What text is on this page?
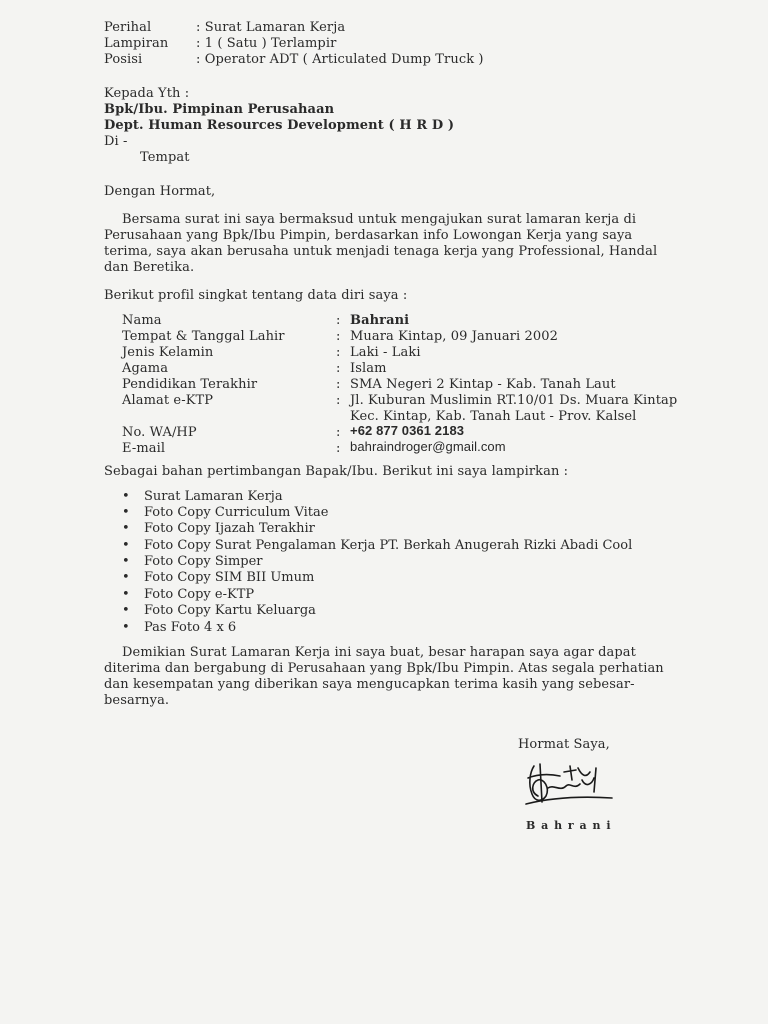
Perihal	: Surat Lamaran Kerja
Lampiran : 1 ( Satu ) Terlampir
Posisi	: Operator ADT ( Articulated Dump Truck )
Kepada Yth :
Bpk/Ibu. Pimpinan Perusahaan
Dept. Human Resources Development ( H R D )
Di -
Tempat
Dengan Hormat,
Bersama surat ini saya bermaksud untuk mengajukan surat lamaran kerja di
Perusahaan yang Bpk/Ibu Pimpin, berdasarkan info Lowongan Kerja yang saya
terima, saya akan berusaha untuk menjadi tenaga kerja yang Professional, Handal
dan Beretika.
Berikut profil singkat tentang data diri saya :
Nama	: Bahrani
Tempat & Tanggal Lahir	: Muara Kintap, 09 Januari 2002
Jenis Kelamin	: Laki - Laki
Agama	: Islam
Pendidikan Terakhir	: SMA Negeri 2 Kintap - Kab. Tanah Laut
Alamat e-KTP	: Jl. Kuburan Muslimin RT.10/01 Ds. Muara Kintap
Kec. Kintap, Kab. Tanah Laut - Prov. Kalsel
No. WA/HP	: +62 877 0361 2183
E-mail	: bahraindroger@gmail.com
Sebagai bahan pertimbangan Bapak/Ibu. Berikut ini saya lampirkan :
• Surat Lamaran Kerja
• Foto Copy Curriculum Vitae
• Foto Copy Ijazah Terakhir
• Foto Copy Surat Pengalaman Kerja PT. Berkah Anugerah Rizki Abadi Cool
• Foto Copy Simper
• Foto Copy SIM BII Umum
• Foto Copy e-KTP
• Foto Copy Kartu Keluarga
• Pas Foto 4 x 6
Demikian Surat Lamaran Kerja ini saya buat, besar harapan saya agar dapat
diterima dan bergabung di Perusahaan yang Bpk/Ibu Pimpin. Atas segala perhatian
dan kesempatan yang diberikan saya mengucapkan terima kasih yang sebesar-
besarnya.
Hormat Saya,
B a h r a n i
